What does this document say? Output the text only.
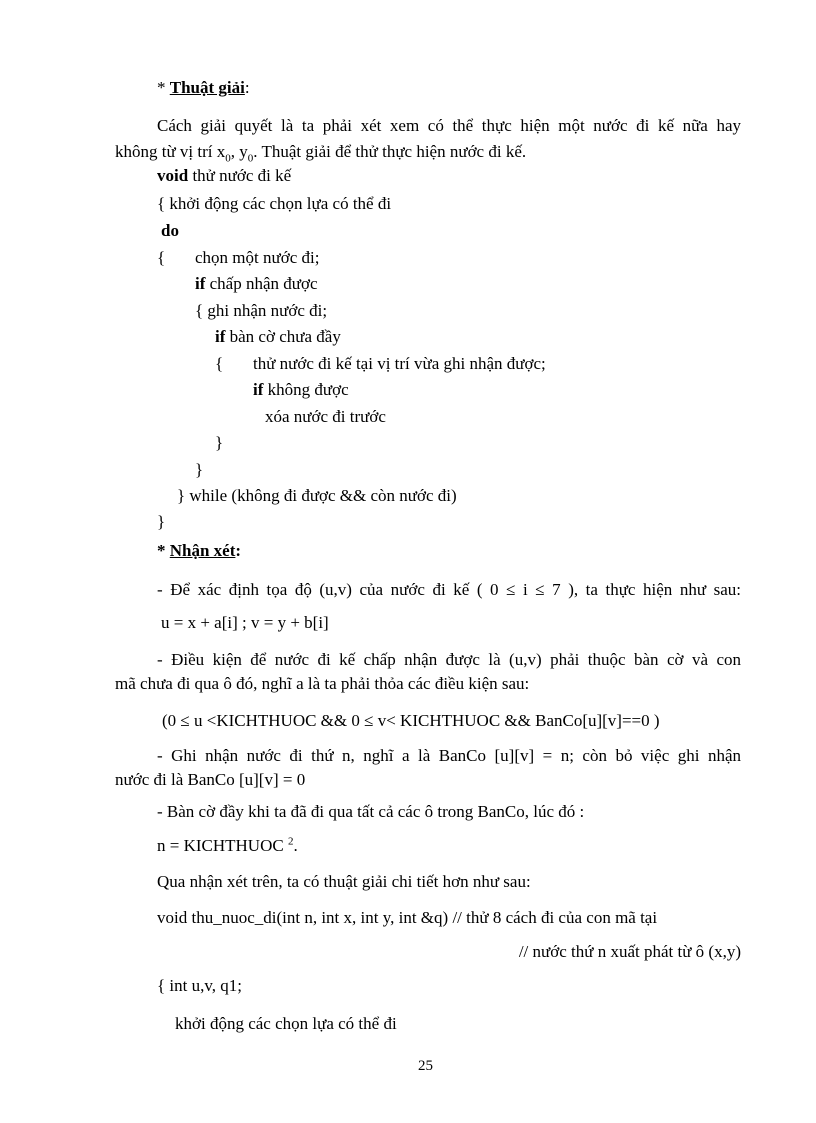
* Thuật giải:
Cách giải quyết là ta phải xét xem có thể thực hiện một nước đi kế nữa hay
không từ vị trí $x_0$, $y_0$. Thuật giải để thử thực hiện nước đi kế.
void thử nước đi kế
{ khởi động các chọn lựa có thể đi
do
{ chọn một nước đi;
if chấp nhận được
{ ghi nhận nước đi;
if bàn cờ chưa đầy
{ thử nước đi kế tại vị trí vừa ghi nhận được;
if không được
xóa nước đi trước
}
}
} while (không đi được && còn nước đi)
}
* Nhận xét:
- Để xác định tọa độ (u,v) của nước đi kế ( 0 ≤ i ≤ 7 ), ta thực hiện như sau:
u = x + a[i] ; v = y + b[i]
- Điều kiện để nước đi kế chấp nhận được là (u,v) phải thuộc bàn cờ và con
mã chưa đi qua ô đó, nghĩ a là ta phải thỏa các điều kiện sau:
(0 ≤ u <KICHTHUOC && 0 ≤ v< KICHTHUOC && BanCo[u][v]==0 )
- Ghi nhận nước đi thứ n, nghĩ a là BanCo [u][v] = n; còn bỏ việc ghi nhận
nước đi là BanCo [u][v] = 0
- Bàn cờ đầy khi ta đã đi qua tất cả các ô trong BanCo, lúc đó :
n = KICHTHUOC $^2$.
Qua nhận xét trên, ta có thuật giải chi tiết hơn như sau:
void thu_nuoc_di(int n, int x, int y, int &q) // thử 8 cách đi của con mã tại
// nước thứ n xuất phát từ ô (x,y)
{ int u,v, q1;
khởi động các chọn lựa có thể đi
25
